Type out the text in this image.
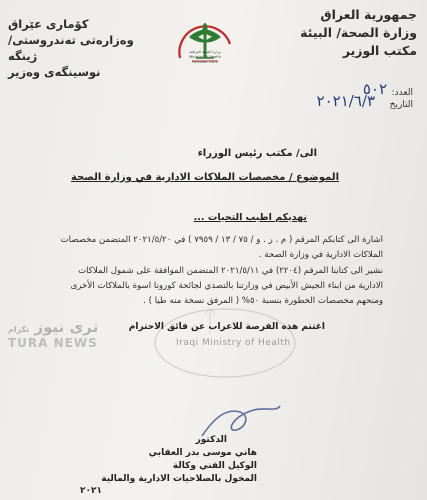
جمهورية العراق
وزارة الصحة/ البيئة
مكتب الوزير
كۆماری عێراق
وەزارەتی تەندروستی/ ژینگە
نوسینگەی وەزیر
وزارة الصحة العراقية
Ministry of Health
Founded 1921
العدد:
٥٠٢
التاريخ
٢٠٢١/٦/٣
الى/ مكتب رئيس الوزراء
الموضوع / مخصصات الملاكات الادارية في وزارة الصحة
نهديكم اطيب التحيات ...
اشارة الى كتابكم المرقم ( م . ر . و / ٧٥ / ١٣ / ٧٩٥٩ ) في ٢٠٢١/٥/٢٠ المتضمن مخصصات الملاكات الادارية في وزارة الصحة .
نشير الى كتابنا المرقم (٢٢٠٤) في ٢٠٢١/٥/١١ المتضمن الموافقة على شمول الملاكات الادارية من ابناء الجيش الأبيض في وزارتنا بالتصدي لجائحة كورونا اسوة بالملاكات الأخرى ومنحهم مخصصات الخطورة بنسبة ٥٠% ( المرفق نسخة منه طيا ) .
Iraqi Ministry of Health
اغتنم هذه الفرصة للاعراب عن فائق الاحترام
ترى نيوز تكرام
TURA NEWS
الدكتور
هاني موسى بدر العقابي
الوكيل الفني وكالة
المخول بالصلاحيات الادارية والمالية
٢٠٢١
